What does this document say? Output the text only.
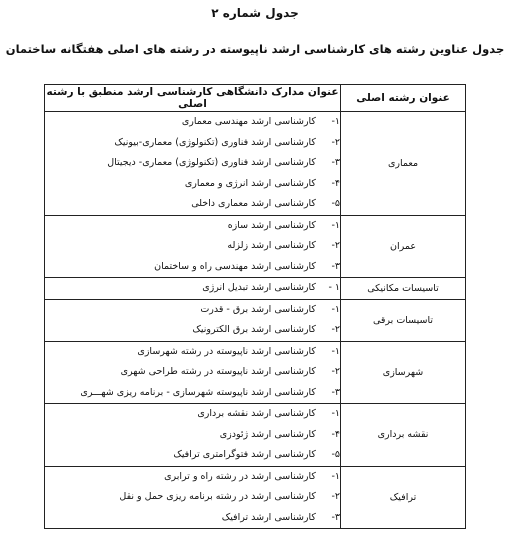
جدول شماره ۲
جدول عناوین رشته های کارشناسی ارشد ناپیوسته در رشته های اصلی هفتگانه ساختمان
عنوان رشته اصلی	عنوان مدارک دانشگاهی کارشناسی ارشد منطبق با رشته اصلی
معماری	۱-  کارشناسی ارشد مهندسی معماری
۲-  کارشناسی ارشد فناوری (تکنولوژی) معماری-بیونیک
۳-  کارشناسی ارشد فناوری (تکنولوژی) معماری- دیجیتال
۴-  کارشناسی ارشد انرژی و معماری
۵-  کارشناسی ارشد معماری داخلی

عمران	۱-  کارشناسی ارشد سازه
۲-  کارشناسی ارشد زلزله
۳-  کارشناسی ارشد مهندسی راه و ساختمان

تاسیسات مکانیکی	۱ -  کارشناسی ارشد تبدیل انرژی

تاسیسات برقی	۱-  کارشناسی ارشد برق - قدرت
۲-  کارشناسی ارشد برق الکترونیک

شهرسازی	۱-  کارشناسی ارشد ناپیوسته در رشته شهرسازی
۲-  کارشناسی ارشد ناپیوسته در رشته طراحی شهری
۳-  کارشناسی ارشد ناپیوسته شهرسازی - برنامه ریزی شهـــری

نقشه برداری	۱-  کارشناسی ارشد نقشه برداری
۴-  کارشناسی ارشد ژئودزی
۵-  کارشناسی ارشد فتوگرامتری ترافیک

ترافیک	۱-  کارشناسی ارشد در رشته راه و ترابری
۲-  کارشناسی ارشد در رشته برنامه ریزی حمل و نقل
۳-  کارشناسی ارشد ترافیک
